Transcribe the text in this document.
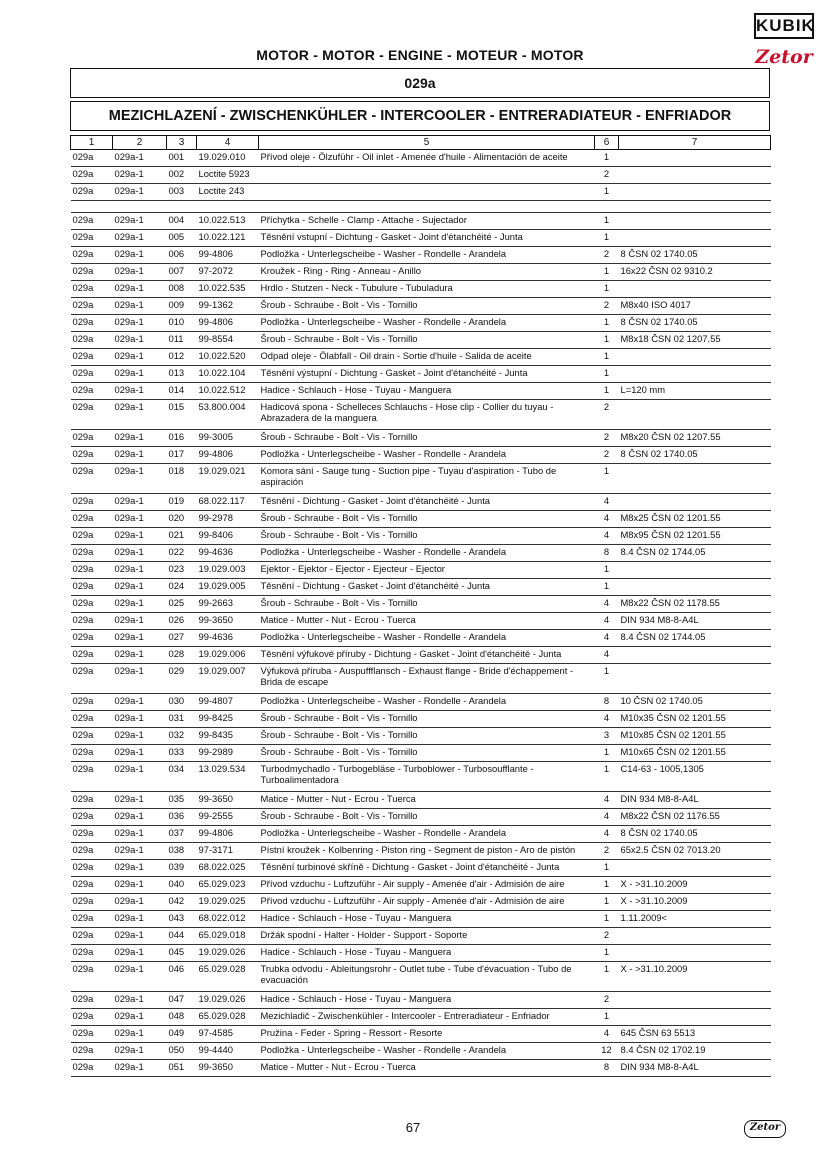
KUBIK
Zetor
MOTOR - MOTOR - ENGINE - MOTEUR - MOTOR
029a
MEZICHLAZENÍ - ZWISCHENKÜHLER - INTERCOOLER - ENTRERADIATEUR - ENFRIADOR
1	2	3	4	5	6	7
029a	029a-1	001	19.029.010	Přívod oleje - Ölzuführ - Oil inlet - Amenée d'huile - Alimentación de aceite	1	
029a	029a-1	002	Loctite 5923		2	
029a	029a-1	003	Loctite 243		1	

029a	029a-1	004	10.022.513	Příchytka - Schelle - Clamp - Attache - Sujectador	1	
029a	029a-1	005	10.022.121	Těsnění vstupní - Dichtung - Gasket - Joint d'étanchéité - Junta	1	
029a	029a-1	006	99-4806	Podložka - Unterlegscheibe - Washer - Rondelle - Arandela	2	8 ČSN 02 1740.05
029a	029a-1	007	97-2072	Kroužek - Ring - Ring - Anneau - Anillo	1	16x22 ČSN 02 9310.2
029a	029a-1	008	10.022.535	Hrdlo - Stutzen - Neck - Tubulure - Tubuladura	1	
029a	029a-1	009	99-1362	Šroub - Schraube - Bolt - Vis - Tornillo	2	M8x40 ISO 4017
029a	029a-1	010	99-4806	Podložka - Unterlegscheibe - Washer - Rondelle - Arandela	1	8 ČSN 02 1740.05
029a	029a-1	011	99-8554	Šroub - Schraube - Bolt - Vis - Tornillo	1	M8x18 ČSN 02 1207.55
029a	029a-1	012	10.022.520	Odpad oleje - Ölabfall - Oil drain - Sortie d'huile - Salida de aceite	1	
029a	029a-1	013	10.022.104	Těsnění výstupní - Dichtung - Gasket - Joint d'étanchéité - Junta	1	
029a	029a-1	014	10.022.512	Hadice - Schlauch - Hose - Tuyau - Manguera	1	L=120 mm
029a	029a-1	015	53.800.004	Hadicová spona - Schelleces Schlauchs - Hose clip - Collier du tuyau - Abrazadera de la manguera	2	
029a	029a-1	016	99-3005	Šroub - Schraube - Bolt - Vis - Tornillo	2	M8x20 ČSN 02 1207.55
029a	029a-1	017	99-4806	Podložka - Unterlegscheibe - Washer - Rondelle - Arandela	2	8 ČSN 02 1740.05
029a	029a-1	018	19.029.021	Komora sání - Sauge tung - Suction pipe - Tuyau d'aspiration - Tubo de aspiración	1	
029a	029a-1	019	68.022.117	Těsnění - Dichtung - Gasket - Joint d'étanchéité - Junta	4	
029a	029a-1	020	99-2978	Šroub - Schraube - Bolt - Vis - Tornillo	4	M8x25 ČSN 02 1201.55
029a	029a-1	021	99-8406	Šroub - Schraube - Bolt - Vis - Tornillo	4	M8x95 ČSN 02 1201.55
029a	029a-1	022	99-4636	Podložka - Unterlegscheibe - Washer - Rondelle - Arandela	8	8.4 ČSN 02 1744.05
029a	029a-1	023	19.029.003	Ejektor - Ejektor - Ejector - Ejecteur - Ejector	1	
029a	029a-1	024	19.029.005	Těsnění - Dichtung - Gasket - Joint d'étanchéité - Junta	1	
029a	029a-1	025	99-2663	Šroub - Schraube - Bolt - Vis - Tornillo	4	M8x22 ČSN 02 1178.55
029a	029a-1	026	99-3650	Matice - Mutter - Nut - Ecrou - Tuerca	4	DIN 934 M8-8-A4L
029a	029a-1	027	99-4636	Podložka - Unterlegscheibe - Washer - Rondelle - Arandela	4	8.4 ČSN 02 1744.05
029a	029a-1	028	19.029.006	Těsnění výfukové příruby - Dichtung - Gasket - Joint d'étanchéité - Junta	4	
029a	029a-1	029	19.029.007	Výfuková příruba - Auspuffflansch - Exhaust flange - Bride d'échappement - Brida de escape	1	
029a	029a-1	030	99-4807	Podložka - Unterlegscheibe - Washer - Rondelle - Arandela	8	10 ČSN 02 1740.05
029a	029a-1	031	99-8425	Šroub - Schraube - Bolt - Vis - Tornillo	4	M10x35 ČSN 02 1201.55
029a	029a-1	032	99-8435	Šroub - Schraube - Bolt - Vis - Tornillo	3	M10x85 ČSN 02 1201.55
029a	029a-1	033	99-2989	Šroub - Schraube - Bolt - Vis - Tornillo	1	M10x65 ČSN 02 1201.55
029a	029a-1	034	13.029.534	Turbodmychadlo - Turbogebläse - Turboblower - Turbosoufflante - Turboalimentadora	1	C14-63 - 1005,1305
029a	029a-1	035	99-3650	Matice - Mutter - Nut - Ecrou - Tuerca	4	DIN 934 M8-8-A4L
029a	029a-1	036	99-2555	Šroub - Schraube - Bolt - Vis - Tornillo	4	M8x22 ČSN 02 1176.55
029a	029a-1	037	99-4806	Podložka - Unterlegscheibe - Washer - Rondelle - Arandela	4	8 ČSN 02 1740.05
029a	029a-1	038	97-3171	Pístní kroužek - Kolbenring - Piston ring - Segment de piston - Aro de pistón	2	65x2.5 ČSN 02 7013.20
029a	029a-1	039	68.022.025	Těsnění turbinové skříně - Dichtung - Gasket - Joint d'étanchéité - Junta	1	
029a	029a-1	040	65.029.023	Přívod vzduchu - Luftzuführ - Air supply - Amenée d'air - Admisión de aire	1	X - >31.10.2009
029a	029a-1	042	19.029.025	Přívod vzduchu - Luftzuführ - Air supply - Amenée d'air - Admisión de aire	1	X - >31.10.2009
029a	029a-1	043	68.022.012	Hadice - Schlauch - Hose - Tuyau - Manguera	1	1.11.2009<
029a	029a-1	044	65.029.018	Držák spodní - Halter - Holder - Support - Soporte	2	
029a	029a-1	045	19.029.026	Hadice - Schlauch - Hose - Tuyau - Manguera	1	
029a	029a-1	046	65.029.028	Trubka odvodu - Ableitungsrohr - Outlet tube - Tube d'évacuation - Tubo de evacuación	1	X - >31.10.2009
029a	029a-1	047	19.029.026	Hadice - Schlauch - Hose - Tuyau - Manguera	2	
029a	029a-1	048	65.029.028	Mezichladič - Zwischenkühler - Intercooler - Entreradiateur - Enfriador	1	
029a	029a-1	049	97-4585	Pružina - Feder - Spring - Ressort - Resorte	4	645 ČSN 63 5513
029a	029a-1	050	99-4440	Podložka - Unterlegscheibe - Washer - Rondelle - Arandela	12	8.4 ČSN 02 1702.19
029a	029a-1	051	99-3650	Matice - Mutter - Nut - Ecrou - Tuerca	8	DIN 934 M8-8-A4L
67	Zetor
